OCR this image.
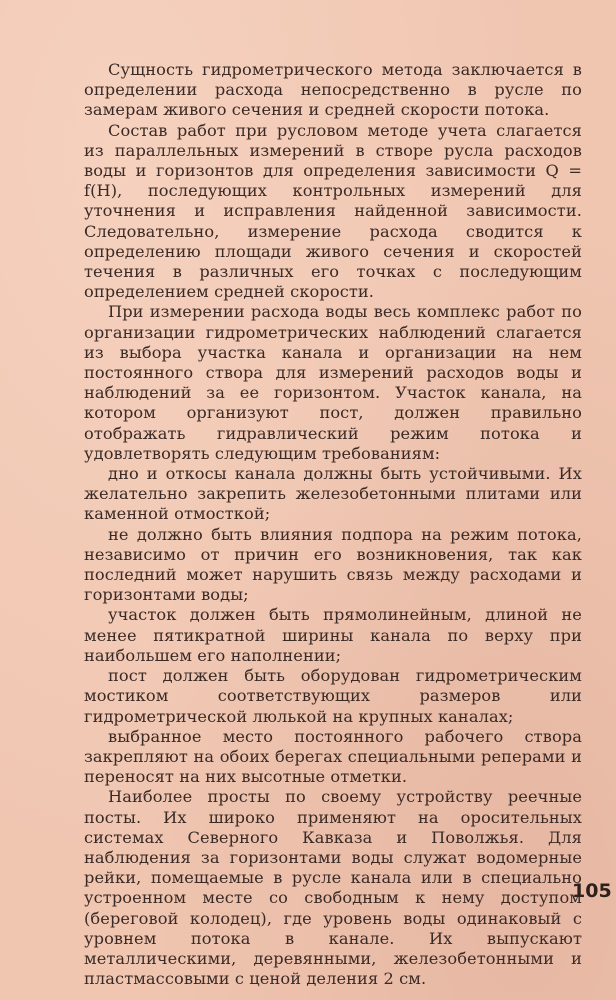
Сущность гидрометрического метода заключается в определении расхода непосредственно в русле по замерам живого сечения и средней скорости потока.

Состав работ при русловом методе учета слагается из параллельных измерений в створе русла расходов воды и горизонтов для определения зависимости Q = f(H), последующих контрольных измерений для уточнения и исправления найденной зависимости. Следовательно, измерение расхода сводится к определению площади живого сечения и скоростей течения в различных его точках с последующим определением средней скорости.

При измерении расхода воды весь комплекс работ по организации гидрометрических наблюдений слагается из выбора участка канала и организации на нем постоянного створа для измерений расходов воды и наблюдений за ее горизонтом. Участок канала, на котором организуют пост, должен правильно отображать гидравлический режим потока и удовлетворять следующим требованиям:

дно и откосы канала должны быть устойчивыми. Их желательно закрепить железобетонными плитами или каменной отмосткой;

не должно быть влияния подпора на режим потока, независимо от причин его возникновения, так как последний может нарушить связь между расходами и горизонтами воды;

участок должен быть прямолинейным, длиной не менее пятикратной ширины канала по верху при наибольшем его наполнении;

пост должен быть оборудован гидрометрическим мостиком соответствующих размеров или гидрометрической люлькой на крупных каналах;

выбранное место постоянного рабочего створа закрепляют на обоих берегах специальными реперами и переносят на них высотные отметки.

Наиболее просты по своему устройству реечные посты. Их широко применяют на оросительных системах Северного Кавказа и Поволжья. Для наблюдения за горизонтами воды служат водомерные рейки, помещаемые в русле канала или в специально устроенном месте со свободным к нему доступом (береговой колодец), где уровень воды одинаковый с уровнем потока в канале. Их выпускают металлическими, деревянными, железобетонными и пластмассовыми с ценой деления 2 см.

105
